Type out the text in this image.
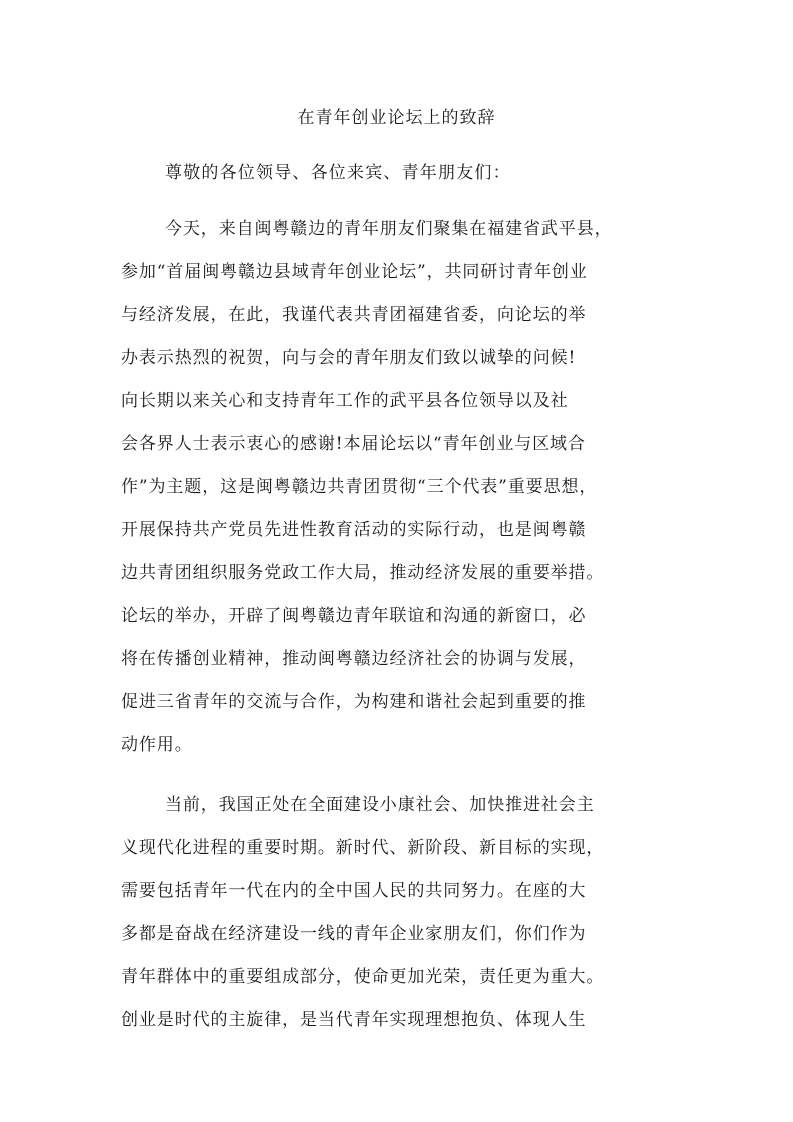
在青年创业论坛上的致辞
尊敬的各位领导、各位来宾、青年朋友们：
今天，来自闽粤赣边的青年朋友们聚集在福建省武平县，
参加“首届闽粤赣边县域青年创业论坛”，共同研讨青年创业
与经济发展，在此，我谨代表共青团福建省委，向论坛的举
办表示热烈的祝贺，向与会的青年朋友们致以诚挚的问候!
向长期以来关心和支持青年工作的武平县各位领导以及社
会各界人士表示衷心的感谢!本届论坛以“青年创业与区域合
作”为主题，这是闽粤赣边共青团贯彻“三个代表”重要思想，
开展保持共产党员先进性教育活动的实际行动，也是闽粤赣
边共青团组织服务党政工作大局，推动经济发展的重要举措。
论坛的举办，开辟了闽粤赣边青年联谊和沟通的新窗口，必
将在传播创业精神，推动闽粤赣边经济社会的协调与发展，
促进三省青年的交流与合作，为构建和谐社会起到重要的推
动作用。
当前，我国正处在全面建设小康社会、加快推进社会主
义现代化进程的重要时期。新时代、新阶段、新目标的实现，
需要包括青年一代在内的全中国人民的共同努力。在座的大
多都是奋战在经济建设一线的青年企业家朋友们，你们作为
青年群体中的重要组成部分，使命更加光荣，责任更为重大。
创业是时代的主旋律，是当代青年实现理想抱负、体现人生
